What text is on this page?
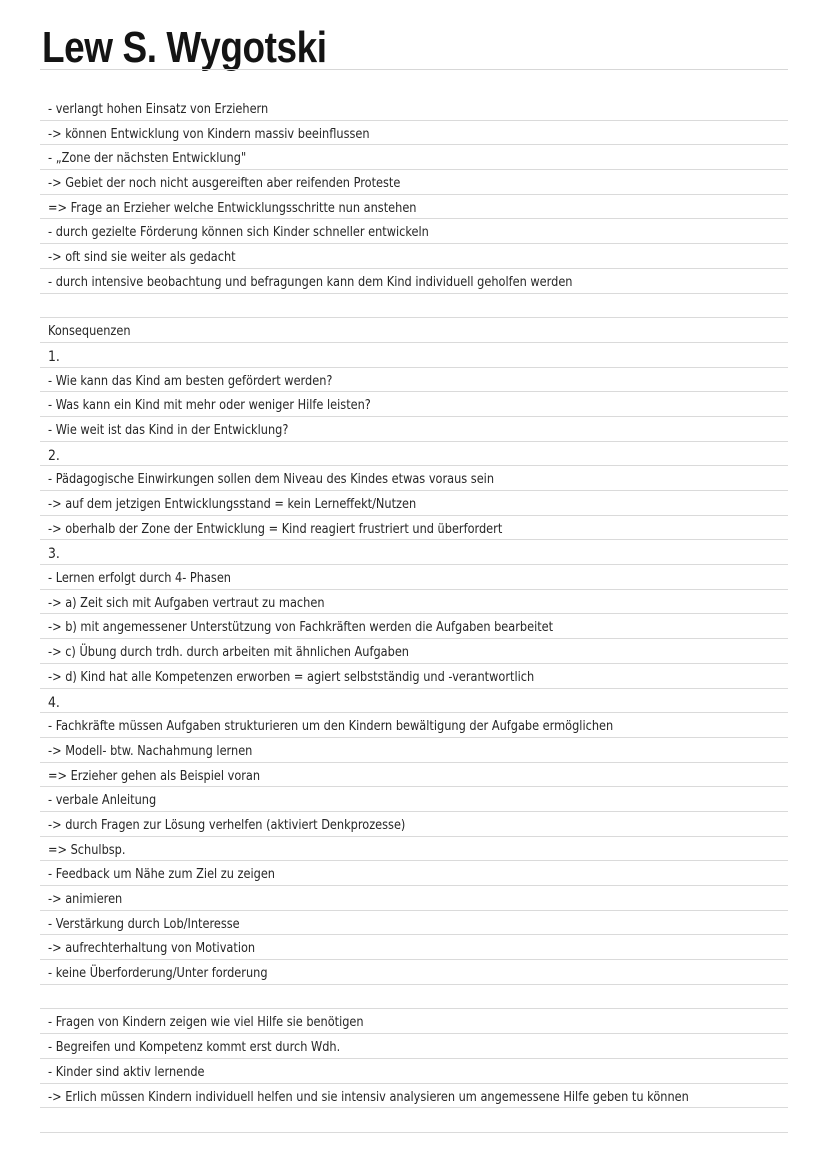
Lew S. Wygotski
- verlangt hohen Einsatz von Erziehern
-> können Entwicklung von Kindern massiv beeinflussen
- „Zone der nächsten Entwicklung"
-> Gebiet der noch nicht ausgereiften aber reifenden Proteste
=> Frage an Erzieher welche Entwicklungsschritte nun anstehen
- durch gezielte Förderung können sich Kinder schneller entwickeln
-> oft sind sie weiter als gedacht
- durch intensive beobachtung und befragungen kann dem Kind individuell geholfen werden
Konsequenzen
1.
- Wie kann das Kind am besten gefördert werden?
- Was kann ein Kind mit mehr oder weniger Hilfe leisten?
- Wie weit ist das Kind in der Entwicklung?
2.
- Pädagogische Einwirkungen sollen dem Niveau des Kindes etwas voraus sein
-> auf dem jetzigen Entwicklungsstand = kein Lerneffekt/Nutzen
-> oberhalb der Zone der Entwicklung = Kind reagiert frustriert und überfordert
3.
- Lernen erfolgt durch 4- Phasen
-> a) Zeit sich mit Aufgaben vertraut zu machen
-> b) mit angemessener Unterstützung von Fachkräften werden die Aufgaben bearbeitet
-> c) Übung durch trdh. durch arbeiten mit ähnlichen Aufgaben
-> d) Kind hat alle Kompetenzen erworben = agiert selbstständig und -verantwortlich
4.
- Fachkräfte müssen Aufgaben strukturieren um den Kindern bewältigung der Aufgabe ermöglichen
-> Modell- btw. Nachahmung lernen
=> Erzieher gehen als Beispiel voran
- verbale Anleitung
-> durch Fragen zur Lösung verhelfen (aktiviert Denkprozesse)
=> Schulbsp.
- Feedback um Nähe zum Ziel zu zeigen
-> animieren
- Verstärkung durch Lob/Interesse
-> aufrechterhaltung von Motivation
- keine Überforderung/Unter forderung
- Fragen von Kindern zeigen wie viel Hilfe sie benötigen
- Begreifen und Kompetenz kommt erst durch Wdh.
- Kinder sind aktiv lernende
-> Erlich müssen Kindern individuell helfen und sie intensiv analysieren um angemessene Hilfe geben tu können
